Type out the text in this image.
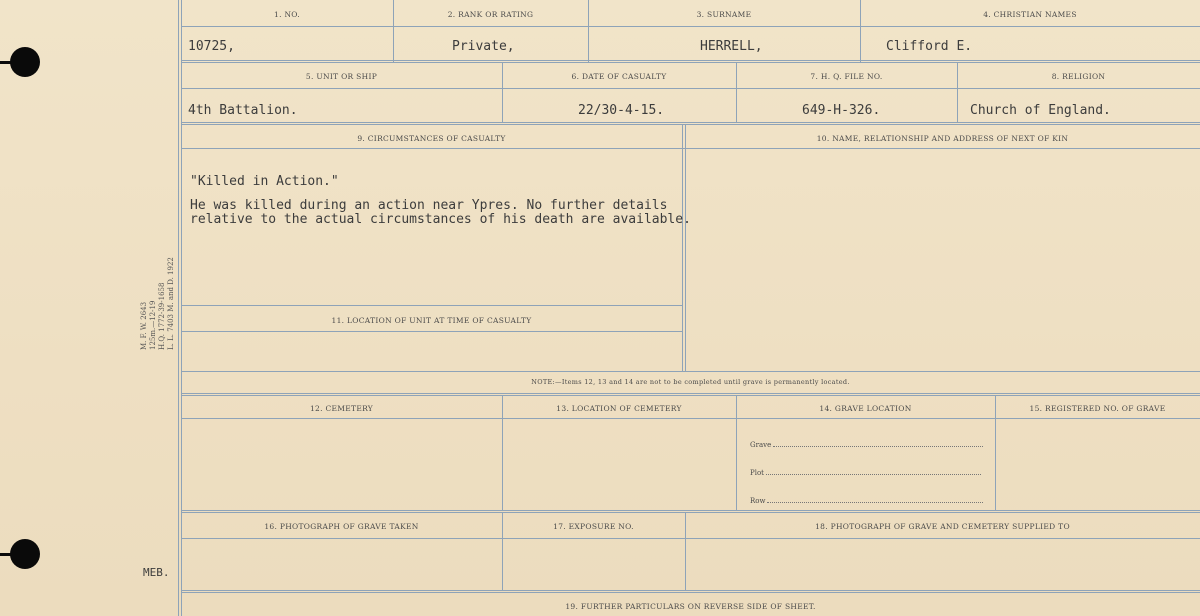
M. F. W. 2643 125m.—12-19 H.Q. 1772-39-1658 L. L. 7403 M. and D. 1922
1. NO.	2. RANK OR RATING	3. SURNAME	4. CHRISTIAN NAMES
10725,	Private,	HERRELL,	Clifford E.
5. UNIT OR SHIP	6. DATE OF CASUALTY	7. H. Q. FILE NO.	8. RELIGION
4th Battalion.	22/30-4-15.	649-H-326.	Church of England.
9. CIRCUMSTANCES OF CASUALTY	10. NAME, RELATIONSHIP AND ADDRESS OF NEXT OF KIN
"Killed in Action."
He was killed during an action near Ypres. No further details
relative to the actual circumstances of his death are available.
11. LOCATION OF UNIT AT TIME OF CASUALTY
NOTE:—Items 12, 13 and 14 are not to be completed until grave is permanently located.
12. CEMETERY	13. LOCATION OF CEMETERY	14. GRAVE LOCATION	15. REGISTERED NO. OF GRAVE
Grave
Plot
Row
16. PHOTOGRAPH OF GRAVE TAKEN	17. EXPOSURE NO.	18. PHOTOGRAPH OF GRAVE AND CEMETERY SUPPLIED TO
19. FURTHER PARTICULARS ON REVERSE SIDE OF SHEET.
MEB.
